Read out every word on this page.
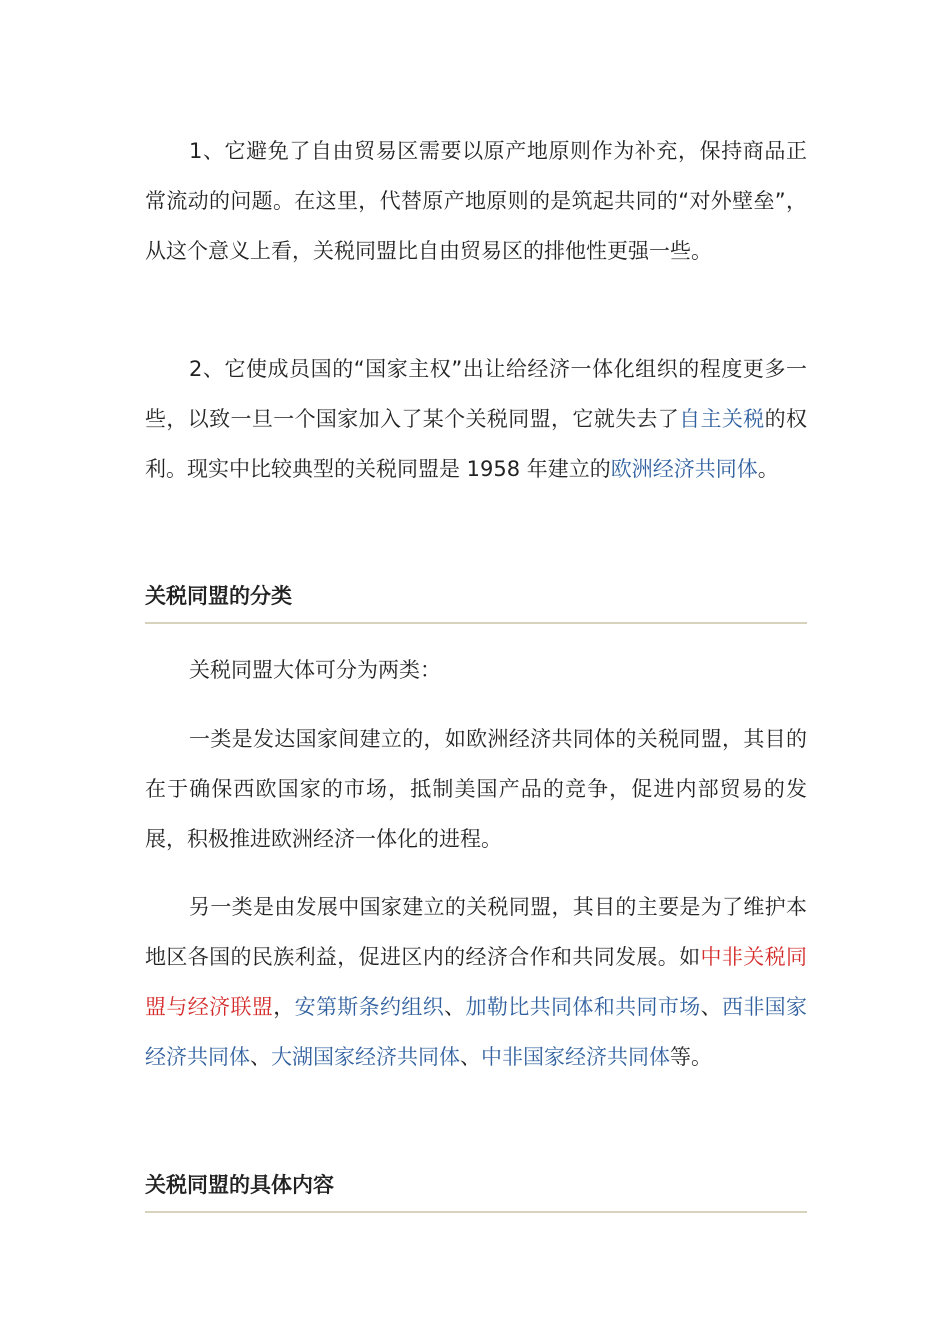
1、它避免了自由贸易区需要以原产地原则作为补充，保持商品正常流动的问题。在这里，代替原产地原则的是筑起共同的“对外壁垒”，从这个意义上看，关税同盟比自由贸易区的排他性更强一些。

2、它使成员国的“国家主权”出让给经济一体化组织的程度更多一些，以致一旦一个国家加入了某个关税同盟，它就失去了自主关税的权利。现实中比较典型的关税同盟是 1958 年建立的欧洲经济共同体。

关税同盟的分类

关税同盟大体可分为两类：

一类是发达国家间建立的，如欧洲经济共同体的关税同盟，其目的在于确保西欧国家的市场，抵制美国产品的竞争，促进内部贸易的发展，积极推进欧洲经济一体化的进程。

另一类是由发展中国家建立的关税同盟，其目的主要是为了维护本地区各国的民族利益，促进区内的经济合作和共同发展。如中非关税同盟与经济联盟，安第斯条约组织、加勒比共同体和共同市场、西非国家经济共同体、大湖国家经济共同体、中非国家经济共同体等。

关税同盟的具体内容
